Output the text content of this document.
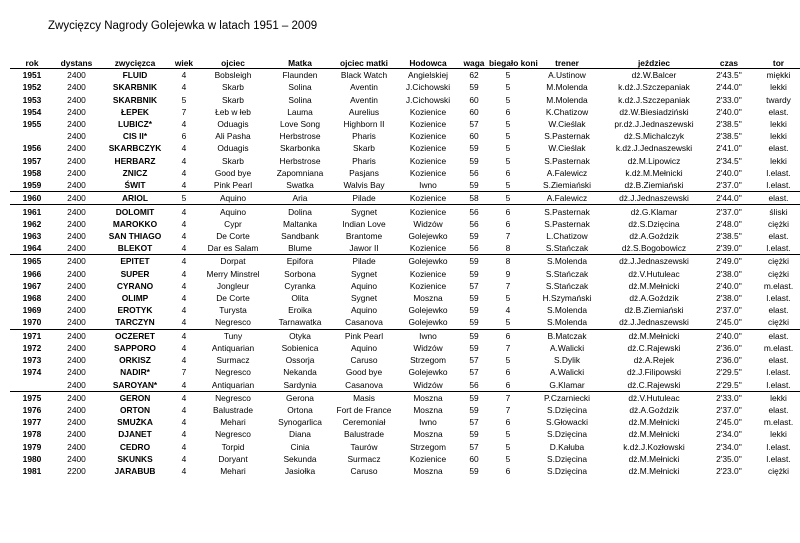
Zwycięzcy Nagrody Golejewka w latach 1951 – 2009
rok	dystans	zwycięzca	wiek	ojciec	Matka	ojciec matki	Hodowca	waga	biegało koni	trener	jeździec	czas	tor
1951	2400	FLUID	4	Bobsleigh	Flaunden	Black Watch	Angielskiej	62	5	A.Ustinow	dż.W.Balcer	2'43.5''	miękki
1952	2400	SKARBNIK	4	Skarb	Solina	Aventin	J.Cichowski	59	5	M.Molenda	k.dż.J.Szczepaniak	2'44.0''	lekki
1953	2400	SKARBNIK	5	Skarb	Solina	Aventin	J.Cichowski	60	5	M.Molenda	k.dż.J.Szczepaniak	2'33.0''	twardy
1954	2400	ŁEPEK	7	Łeb w łeb	Lauma	Aurelius	Kozienice	60	6	K.Chatizow	dż.W.Biesiadziński	2'40.0''	elast.
1955	2400	LUBICZ*	4	Oduagis	Love Song	Highborn II	Kozienice	57	5	W.Cieślak	pr.dż.J.Jednaszewski	2'38.5''	lekki
	2400	CIS II*	6	Ali Pasha	Herbstrose	Pharis	Kozienice	60	5	S.Pasternak	dż.S.Michalczyk	2'38.5''	lekki
1956	2400	SKARBCZYK	4	Oduagis	Skarbonka	Skarb	Kozienice	59	5	W.Cieślak	k.dż.J.Jednaszewski	2'41.0''	elast.
1957	2400	HERBARZ	4	Skarb	Herbstrose	Pharis	Kozienice	59	5	S.Pasternak	dż.M.Lipowicz	2'34.5''	lekki
1958	2400	ZNICZ	4	Good bye	Zapomniana	Pasjans	Kozienice	56	6	A.Falewicz	k.dż.M.Mełnicki	2'40.0''	l.elast.
1959	2400	ŚWIT	4	Pink Pearl	Swatka	Walvis Bay	Iwno	59	5	S.Ziemiański	dż.B.Ziemiański	2'37.0''	l.elast.
1960	2400	ARIOL	5	Aquino	Aria	Pilade	Kozienice	58	5	A.Falewicz	dż.J.Jednaszewski	2'44.0''	elast.
1961	2400	DOLOMIT	4	Aquino	Dolina	Sygnet	Kozienice	56	6	S.Pasternak	dż.G.Klamar	2'37.0''	śliski
1962	2400	MAROKKO	4	Cypr	Maltanka	Indian Love	Widzów	56	6	S.Pasternak	dż.S.Dzięcina	2'48.0''	ciężki
1963	2400	SAN THIAGO	4	De Corte	Sandbank	Brantome	Golejewko	59	7	L.Chatizow	dż.A.Goździk	2'38.5''	elast.
1964	2400	BLEKOT	4	Dar es Salam	Blume	Jawor II	Kozienice	56	8	S.Stańczak	dż.S.Bogobowicz	2'39.0''	l.elast.
1965	2400	EPITET	4	Dorpat	Epifora	Pilade	Golejewko	59	8	S.Molenda	dż.J.Jednaszewski	2'49.0''	ciężki
1966	2400	SUPER	4	Merry Minstrel	Sorbona	Sygnet	Kozienice	59	9	S.Stańczak	dż.V.Hutuleac	2'38.0''	ciężki
1967	2400	CYRANO	4	Jongleur	Cyranka	Aquino	Kozienice	57	7	S.Stańczak	dż.M.Mełnicki	2'40.0''	m.elast.
1968	2400	OLIMP	4	De Corte	Olita	Sygnet	Moszna	59	5	H.Szymański	dż.A.Goździk	2'38.0''	l.elast.
1969	2400	EROTYK	4	Turysta	Eroika	Aquino	Golejewko	59	4	S.Molenda	dż.B.Ziemiański	2'37.0''	elast.
1970	2400	TARCZYN	4	Negresco	Tarnawatka	Casanova	Golejewko	59	5	S.Molenda	dż.J.Jednaszewski	2'45.0''	ciężki
1971	2400	OCZERET	4	Tuny	Otyka	Pink Pearl	Iwno	59	6	B.Matczak	dż.M.Mełnicki	2'40.0''	elast.
1972	2400	SAPPORO	4	Antiquarian	Sobienica	Aquino	Widzów	59	7	A.Walicki	dż.C.Rajewski	2'36.0''	m.elast.
1973	2400	ORKISZ	4	Surmacz	Ossorja	Caruso	Strzegom	57	5	S.Dylik	dż.A.Rejek	2'36.0''	elast.
1974	2400	NADIR*	7	Negresco	Nekanda	Good bye	Golejewko	57	6	A.Walicki	dż.J.Filipowski	2'29.5''	l.elast.
	2400	SAROYAN*	4	Antiquarian	Sardynia	Casanova	Widzów	56	6	G.Klamar	dż.C.Rajewski	2'29.5''	l.elast.
1975	2400	GERON	4	Negresco	Gerona	Masis	Moszna	59	7	P.Czarniecki	dż.V.Hutuleac	2'33.0''	lekki
1976	2400	ORTON	4	Balustrade	Ortona	Fort de France	Moszna	59	7	S.Dzięcina	dż.A.Goździk	2'37.0''	elast.
1977	2400	SMUŻKA	4	Mehari	Synogarlica	Ceremoniał	Iwno	57	6	S.Głowacki	dż.M.Mełnicki	2'45.0''	m.elast.
1978	2400	DJANET	4	Negresco	Diana	Balustrade	Moszna	59	5	S.Dzięcina	dż.M.Mełnicki	2'34.0''	lekki
1979	2400	CEDRO	4	Torpid	Cinia	Taurów	Strzegom	57	5	D.Kałuba	k.dż.J.Kozłowski	2'34.0''	l.elast.
1980	2400	SKUNKS	4	Doryant	Sekunda	Surmacz	Kozienice	60	5	S.Dzięcina	dż.M.Mełnicki	2'35.0''	l.elast.
1981	2200	JARABUB	4	Mehari	Jasiołka	Caruso	Moszna	59	6	S.Dzięcina	dż.M.Mełnicki	2'23.0''	ciężki
